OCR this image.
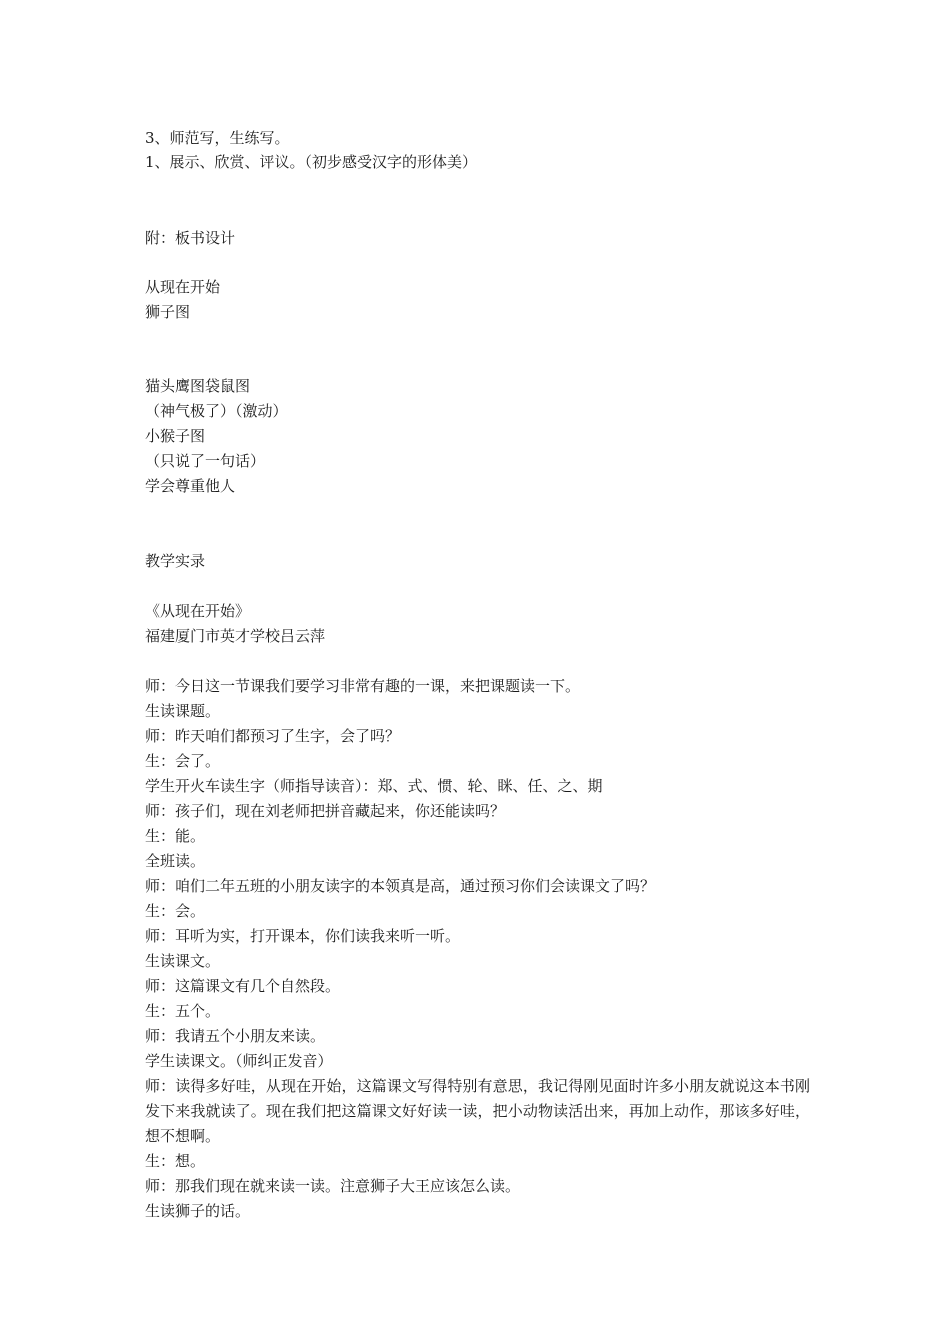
3、师范写，生练写。
1、展示、欣赏、评议。（初步感受汉字的形体美）
附：板书设计
从现在开始
狮子图
猫头鹰图袋鼠图
（神气极了）（激动）
小猴子图
（只说了一句话）
学会尊重他人
教学实录
《从现在开始》
福建厦门市英才学校吕云萍
师：今日这一节课我们要学习非常有趣的一课，来把课题读一下。
生读课题。
师：昨天咱们都预习了生字，会了吗？
生：会了。
学生开火车读生字（师指导读音）：郑、式、惯、轮、眯、任、之、期
师：孩子们，现在刘老师把拼音藏起来，你还能读吗？
生：能。
全班读。
师：咱们二年五班的小朋友读字的本领真是高，通过预习你们会读课文了吗？
生：会。
师：耳听为实，打开课本，你们读我来听一听。
生读课文。
师：这篇课文有几个自然段。
生：五个。
师：我请五个小朋友来读。
学生读课文。（师纠正发音）
师：读得多好哇，从现在开始，这篇课文写得特别有意思，我记得刚见面时许多小朋友就说这本书刚发下来我就读了。现在我们把这篇课文好好读一读，把小动物读活出来，再加上动作，那该多好哇，想不想啊。
生：想。
师：那我们现在就来读一读。注意狮子大王应该怎么读。
生读狮子的话。
